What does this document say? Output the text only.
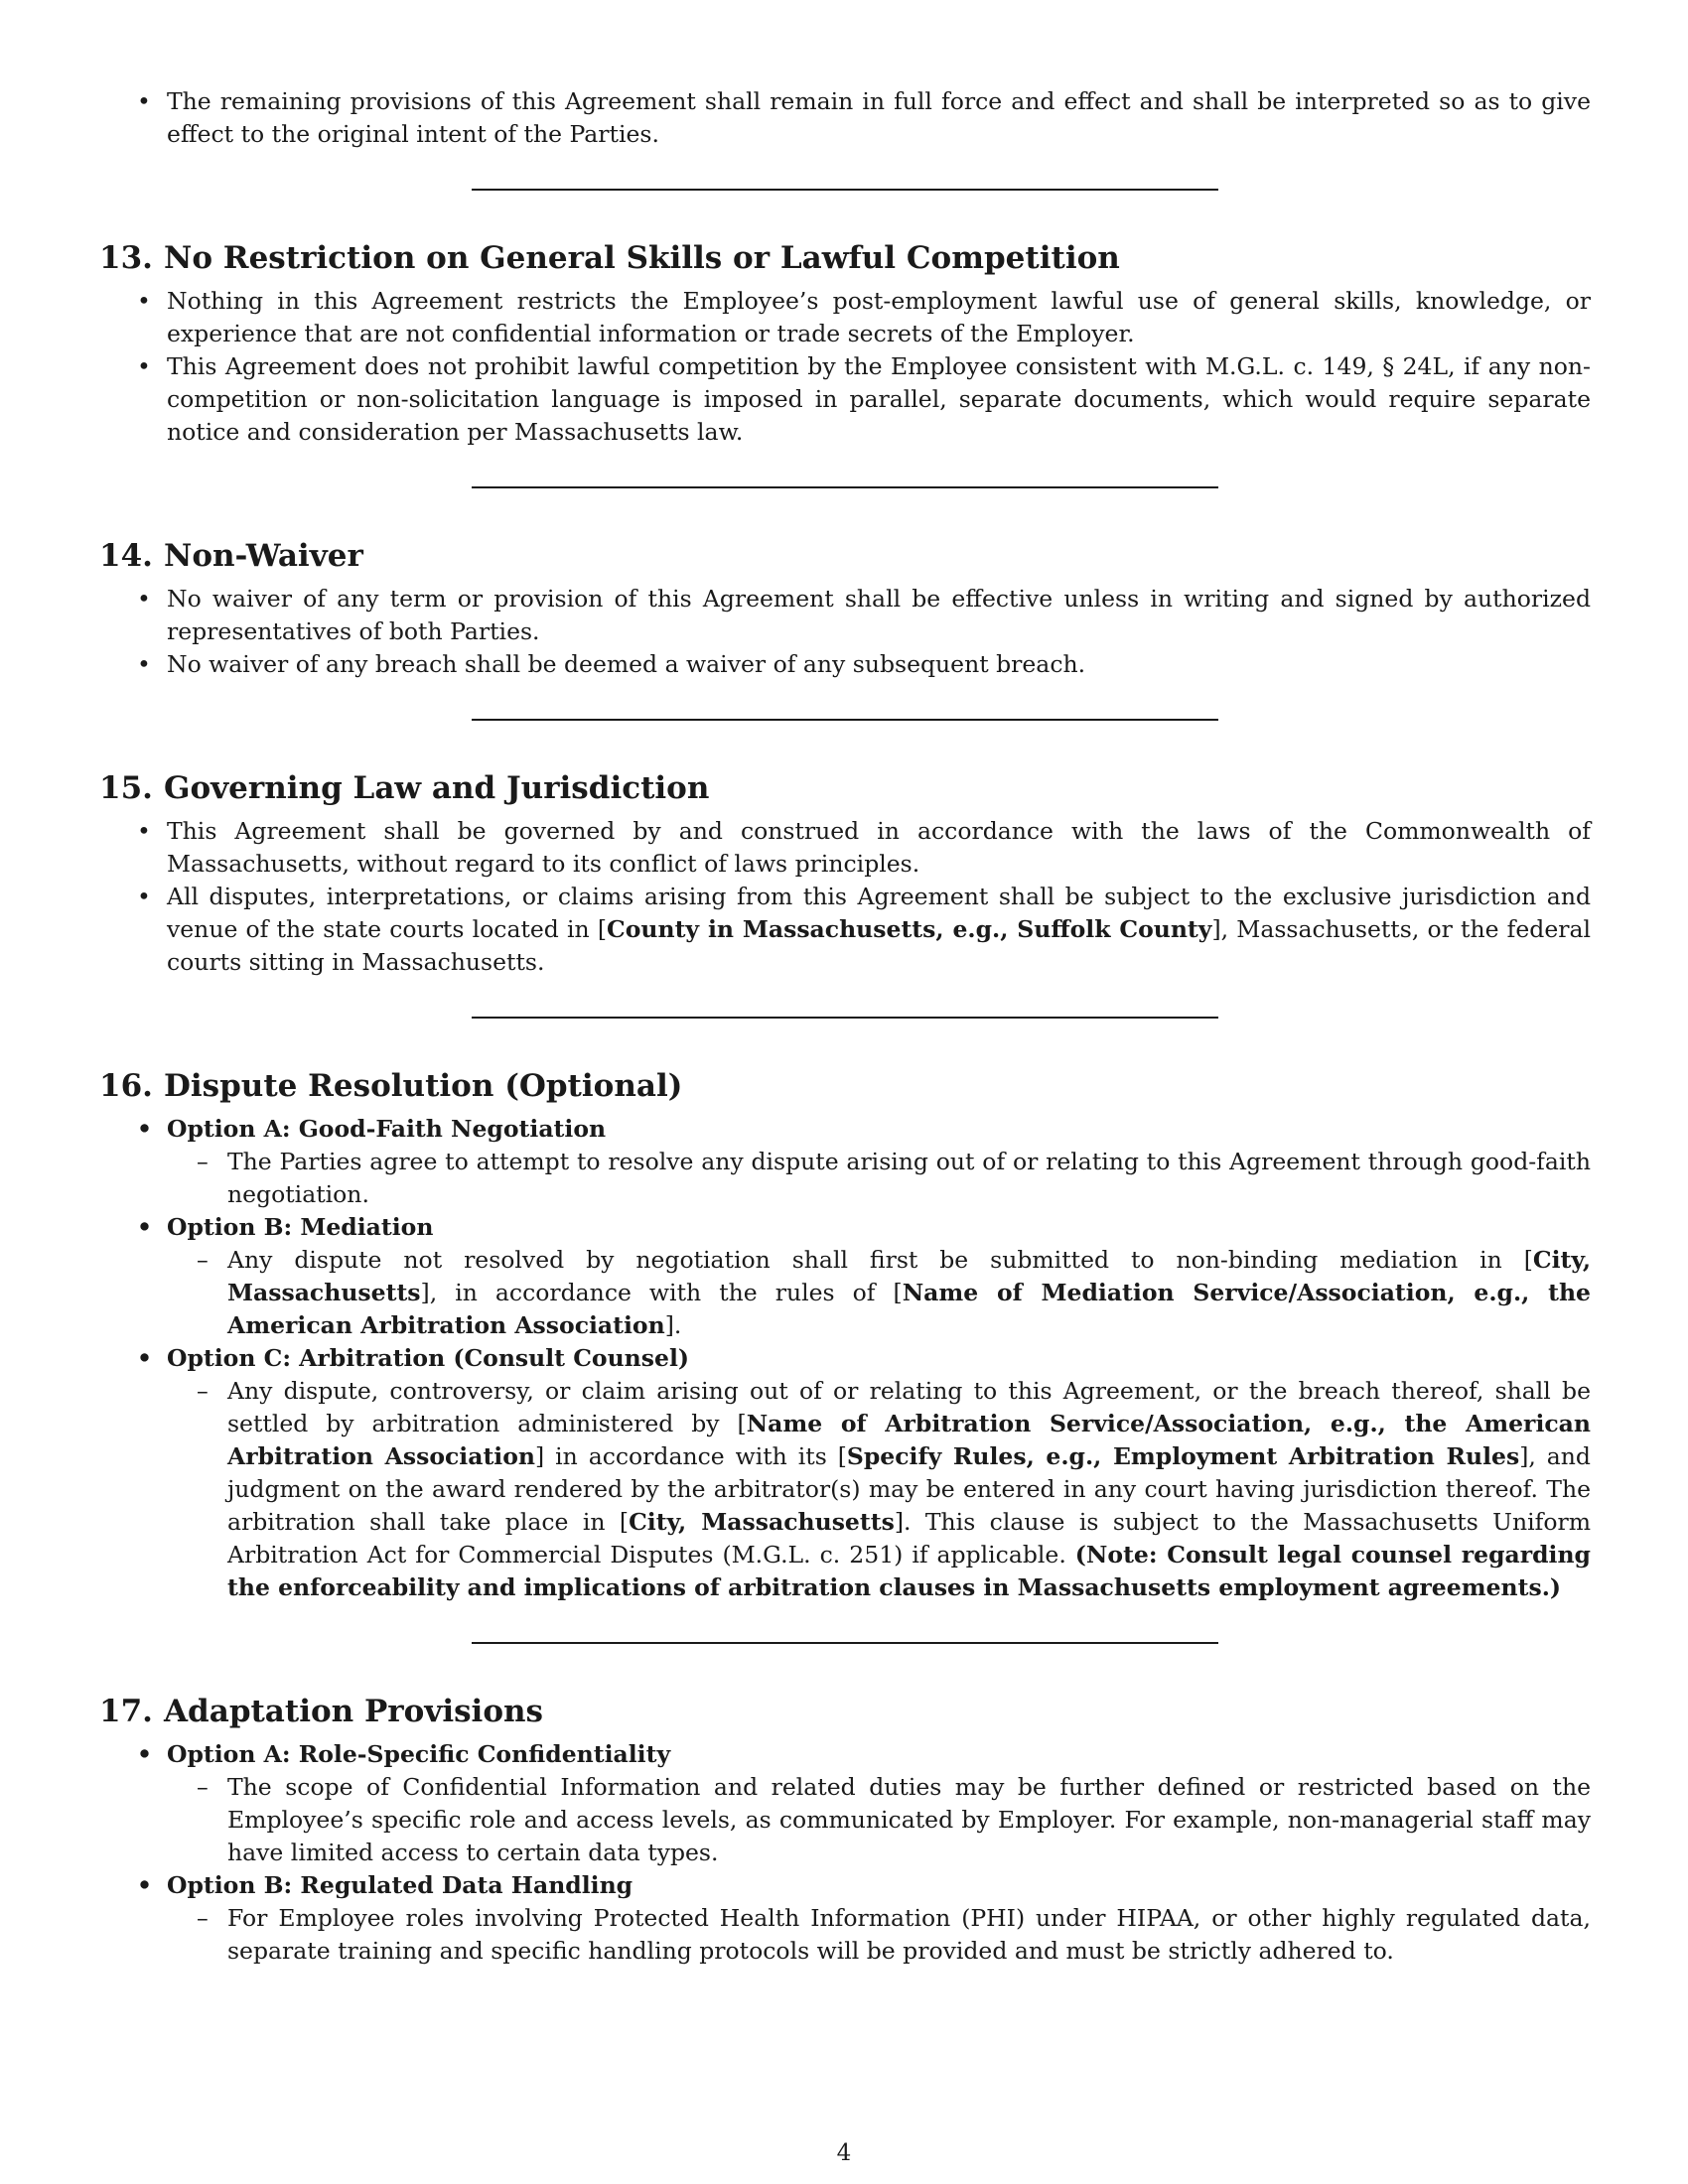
• The remaining provisions of this Agreement shall remain in full force and effect and shall be interpreted so as to give effect to the original intent of the Parties.
13. No Restriction on General Skills or Lawful Competition
• Nothing in this Agreement restricts the Employee’s post-employment lawful use of general skills, knowledge, or experience that are not confidential information or trade secrets of the Employer.
• This Agreement does not prohibit lawful competition by the Employee consistent with M.G.L. c. 149, § 24L, if any non-competition or non-solicitation language is imposed in parallel, separate documents, which would require separate notice and consideration per Massachusetts law.
14. Non-Waiver
• No waiver of any term or provision of this Agreement shall be effective unless in writing and signed by authorized representatives of both Parties.
• No waiver of any breach shall be deemed a waiver of any subsequent breach.
15. Governing Law and Jurisdiction
• This Agreement shall be governed by and construed in accordance with the laws of the Commonwealth of Massachusetts, without regard to its conflict of laws principles.
• All disputes, interpretations, or claims arising from this Agreement shall be subject to the exclusive jurisdiction and venue of the state courts located in [County in Massachusetts, e.g., Suffolk County], Massachusetts, or the federal courts sitting in Massachusetts.
16. Dispute Resolution (Optional)
• Option A: Good-Faith Negotiation
– The Parties agree to attempt to resolve any dispute arising out of or relating to this Agreement through good-faith negotiation.
• Option B: Mediation
– Any dispute not resolved by negotiation shall first be submitted to non-binding mediation in [City, Massachusetts], in accordance with the rules of [Name of Mediation Service/Association, e.g., the American Arbitration Association].
• Option C: Arbitration (Consult Counsel)
– Any dispute, controversy, or claim arising out of or relating to this Agreement, or the breach thereof, shall be settled by arbitration administered by [Name of Arbitration Service/Association, e.g., the American Arbitration Association] in accordance with its [Specify Rules, e.g., Employment Arbitration Rules], and judgment on the award rendered by the arbitrator(s) may be entered in any court having jurisdiction thereof. The arbitration shall take place in [City, Massachusetts]. This clause is subject to the Massachusetts Uniform Arbitration Act for Commercial Disputes (M.G.L. c. 251) if applicable. (Note: Consult legal counsel regarding the enforceability and implications of arbitration clauses in Massachusetts employment agreements.)
17. Adaptation Provisions
• Option A: Role-Specific Confidentiality
– The scope of Confidential Information and related duties may be further defined or restricted based on the Employee’s specific role and access levels, as communicated by Employer. For example, non-managerial staff may have limited access to certain data types.
• Option B: Regulated Data Handling
– For Employee roles involving Protected Health Information (PHI) under HIPAA, or other highly regulated data, separate training and specific handling protocols will be provided and must be strictly adhered to.
4
